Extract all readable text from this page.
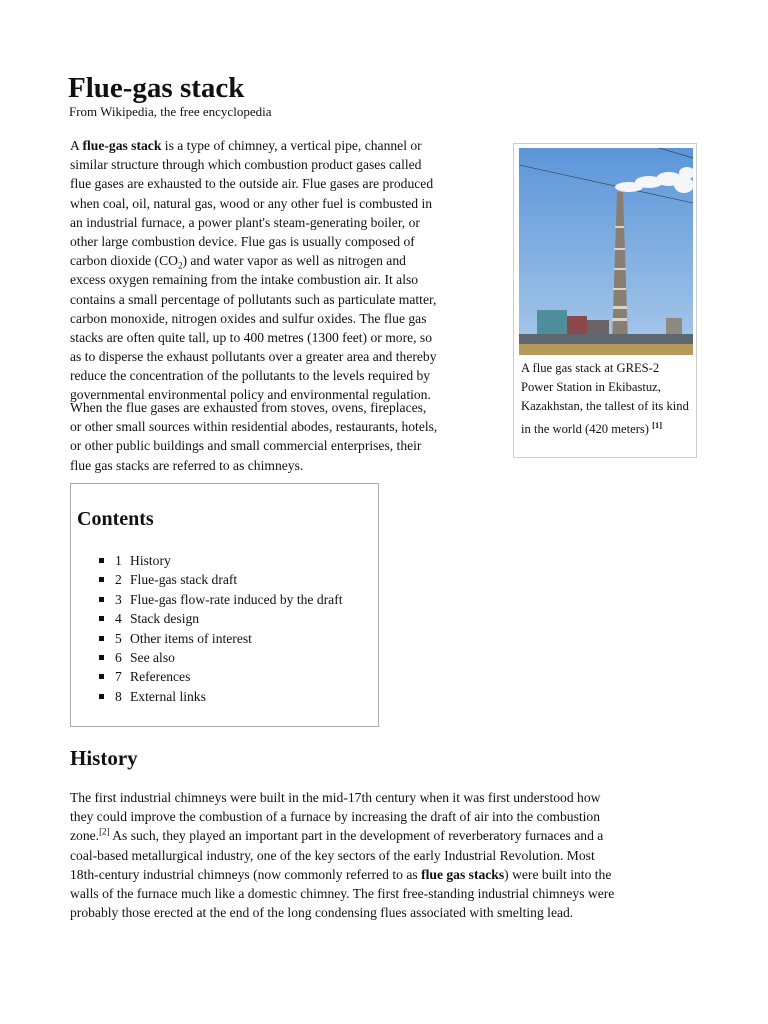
Flue-gas stack
From Wikipedia, the free encyclopedia
A flue-gas stack is a type of chimney, a vertical pipe, channel or
similar structure through which combustion product gases called
flue gases are exhausted to the outside air. Flue gases are produced
when coal, oil, natural gas, wood or any other fuel is combusted in
an industrial furnace, a power plant's steam-generating boiler, or
other large combustion device. Flue gas is usually composed of
carbon dioxide $(CO_2)$ and water vapor as well as nitrogen and
excess oxygen remaining from the intake combustion air. It also
contains a small percentage of pollutants such as particulate matter,
carbon monoxide, nitrogen oxides and sulfur oxides. The flue gas
stacks are often quite tall, up to 400 metres (1300 feet) or more, so
as to disperse the exhaust pollutants over a greater area and thereby
reduce the concentration of the pollutants to the levels required by
governmental environmental policy and environmental regulation.
When the flue gases are exhausted from stoves, ovens, fireplaces,
or other small sources within residential abodes, restaurants, hotels,
or other public buildings and small commercial enterprises, their
flue gas stacks are referred to as chimneys.
A flue gas stack at GRES-2 Power Station in Ekibastuz, Kazakhstan, the tallest of its kind in the world (420 meters) [1]
Contents
1 History
2 Flue-gas stack draft
3 Flue-gas flow-rate induced by the draft
4 Stack design
5 Other items of interest
6 See also
7 References
8 External links
History
The first industrial chimneys were built in the mid-17th century when it was first understood how
they could improve the combustion of a furnace by increasing the draft of air into the combustion
zone.[2] As such, they played an important part in the development of reverberatory furnaces and a
coal-based metallurgical industry, one of the key sectors of the early Industrial Revolution. Most
18th-century industrial chimneys (now commonly referred to as flue gas stacks) were built into the
walls of the furnace much like a domestic chimney. The first free-standing industrial chimneys were
probably those erected at the end of the long condensing flues associated with smelting lead.
